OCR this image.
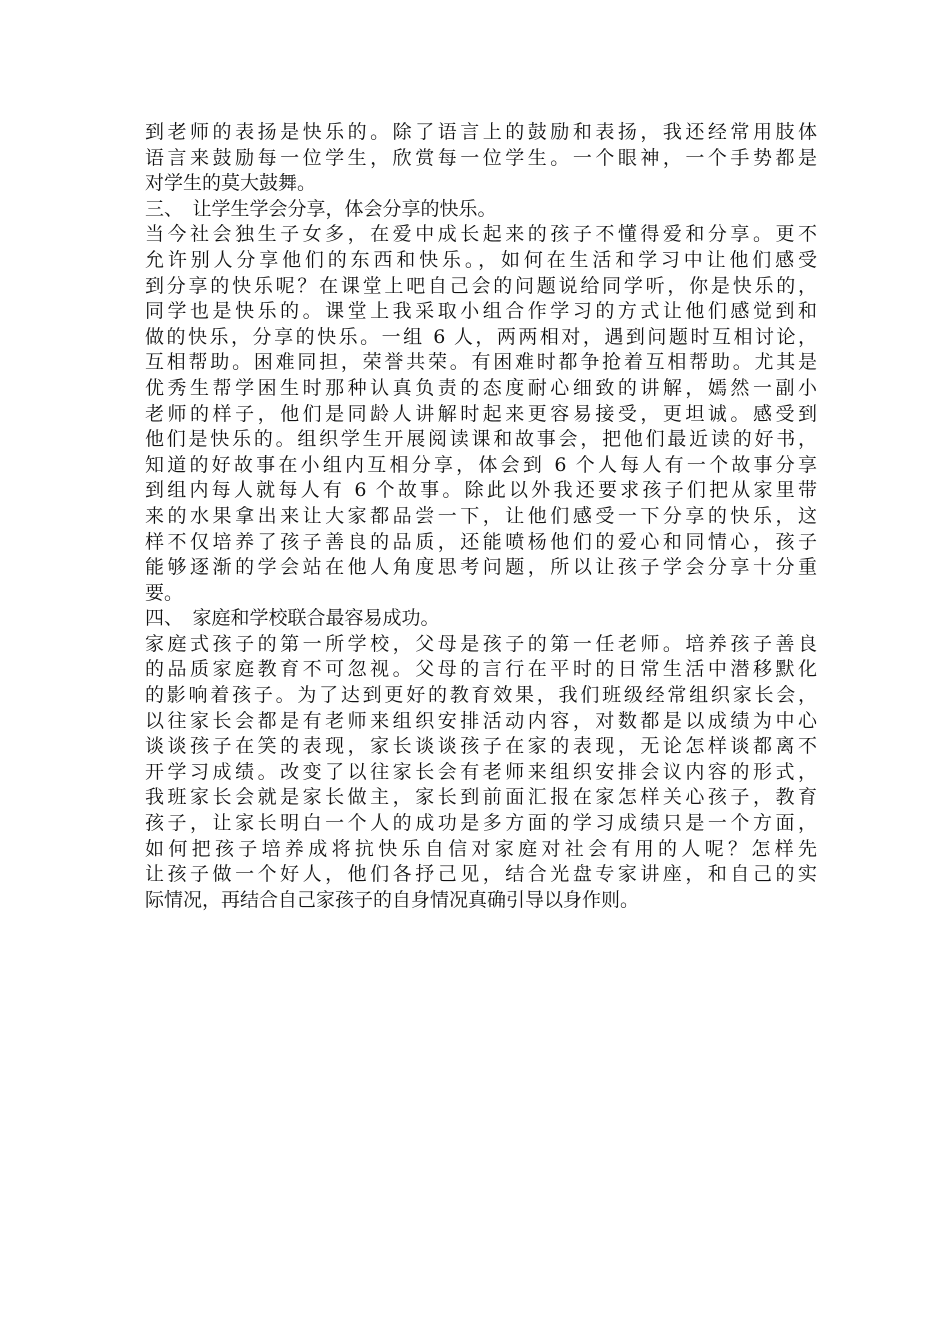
到老师的表扬是快乐的。除了语言上的鼓励和表扬，我还经常用肢体
语言来鼓励每一位学生，欣赏每一位学生。一个眼神，一个手势都是
对学生的莫大鼓舞。
三、　让学生学会分享，体会分享的快乐。
当今社会独生子女多，在爱中成长起来的孩子不懂得爱和分享。更不
允许别人分享他们的东西和快乐。，如何在生活和学习中让他们感受
到分享的快乐呢？在课堂上吧自己会的问题说给同学听，你是快乐的，
同学也是快乐的。课堂上我采取小组合作学习的方式让他们感觉到和
做的快乐，分享的快乐。一组 6 人，两两相对，遇到问题时互相讨论，
互相帮助。困难同担，荣誉共荣。有困难时都争抢着互相帮助。尤其是
优秀生帮学困生时那种认真负责的态度耐心细致的讲解，嫣然一副小
老师的样子，他们是同龄人讲解时起来更容易接受，更坦诚。感受到
他们是快乐的。组织学生开展阅读课和故事会，把他们最近读的好书，
知道的好故事在小组内互相分享，体会到 6 个人每人有一个故事分享
到组内每人就每人有 6 个故事。除此以外我还要求孩子们把从家里带
来的水果拿出来让大家都品尝一下，让他们感受一下分享的快乐，这
样不仅培养了孩子善良的品质，还能喷杨他们的爱心和同情心，孩子
能够逐渐的学会站在他人角度思考问题，所以让孩子学会分享十分重
要。
四、　家庭和学校联合最容易成功。
家庭式孩子的第一所学校，父母是孩子的第一任老师。培养孩子善良
的品质家庭教育不可忽视。父母的言行在平时的日常生活中潜移默化
的影响着孩子。为了达到更好的教育效果，我们班级经常组织家长会，
以往家长会都是有老师来组织安排活动内容，对数都是以成绩为中心
谈谈孩子在笑的表现，家长谈谈孩子在家的表现，无论怎样谈都离不
开学习成绩。改变了以往家长会有老师来组织安排会议内容的形式，
我班家长会就是家长做主，家长到前面汇报在家怎样关心孩子，教育
孩子，让家长明白一个人的成功是多方面的学习成绩只是一个方面，
如何把孩子培养成将抗快乐自信对家庭对社会有用的人呢？怎样先
让孩子做一个好人，他们各抒己见，结合光盘专家讲座，和自己的实
际情况，再结合自己家孩子的自身情况真确引导以身作则。
